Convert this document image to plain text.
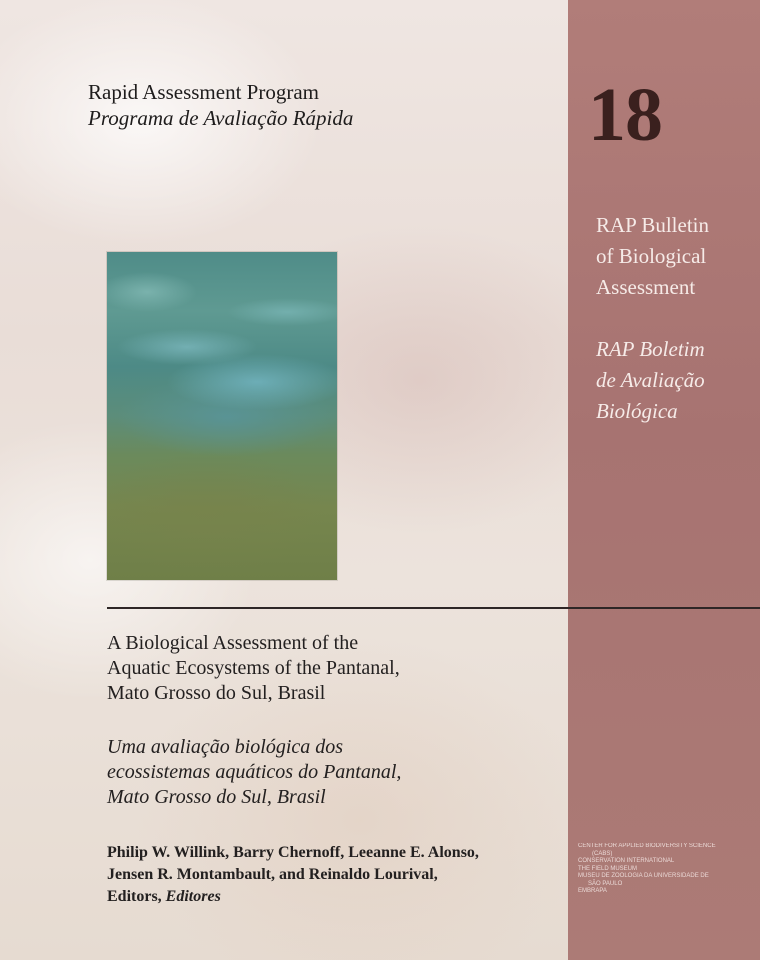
Rapid Assessment Program
Programa de Avaliação Rápida	18
RAP Bulletin
of Biological
Assessment
RAP Boletim
de Avaliação
Biológica
A Biological Assessment of the
Aquatic Ecosystems of the Pantanal,
Mato Grosso do Sul, Brasil
Uma avaliação biológica dos
ecossistemas aquáticos do Pantanal,
Mato Grosso do Sul, Brasil
Philip W. Willink, Barry Chernoff, Leeanne E. Alonso,
Jensen R. Montambault, and Reinaldo Lourival,
Editors, Editores
CENTER FOR APPLIED BIODIVERSITY SCIENCE
(CABS)
CONSERVATION INTERNATIONAL
THE FIELD MUSEUM
MUSEU DE ZOOLOGIA DA UNIVERSIDADE DE
SÃO PAULO
EMBRAPA
